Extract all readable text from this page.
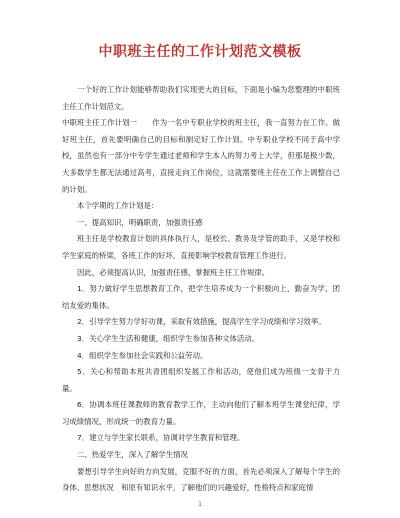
中职班主任的工作计划范文模板

一个好的工作计划能够帮助我们实现更大的目标，下面是小编为您整理的中职班主任工作计划范文。

中职班主任工作计划一　　作为一名中专职业学校的班主任，我一直努力在工作。做好班主任，首先要明确自己的目标和制定好工作计划。中专职业学校不同于高中学校，虽然也有一部分中专学生通过老师和学生本人的努力考上大学，但那是极少数，大多数学生都无法通过高考，直接走向工作岗位，这就需要班主任在工作上调整自己的计划。

本个学期的工作计划是：

一、提高知识，明确职责，加强责任感

班主任是学校教育计划的具体执行人，是校长、教务及学管的助手，又是学校和学生家庭的桥梁，各班工作的好坏，直接影响学校教育管理工作进行。

因此，必须提高认识，加强责任感，掌握班主任工作规律。

1．努力做好学生思想教育工作，把学生培养成为一个积极向上，勤奋为学，团结友爱的集体。

2．引导学生努力学好功课，采取有效措施，提高学生学习成绩和学习效率。

3．关心学生生活和健康，组织学生参加各种文体活动。

4．组织学生参加社会实践和公益劳动。

5．关心和帮助本班共青团组织发展工作和活动，使他们成为班级一支骨干力量。

6．协调本班任课教师的教育教学工作，主动向他们了解本班学生课堂纪律，学习成绩情况，形成统一的教育力量。

7．建立与学生家长联系，协调对学生教育和管理。

二、热爱学生，深入了解学生情况

要想引导学生向好的方向发展，克服不好的方面，首先必须深入了解每个学生的身体、思想状况　和原有知识水平，了解他们的兴趣爱好，性格特点和家庭情

1
